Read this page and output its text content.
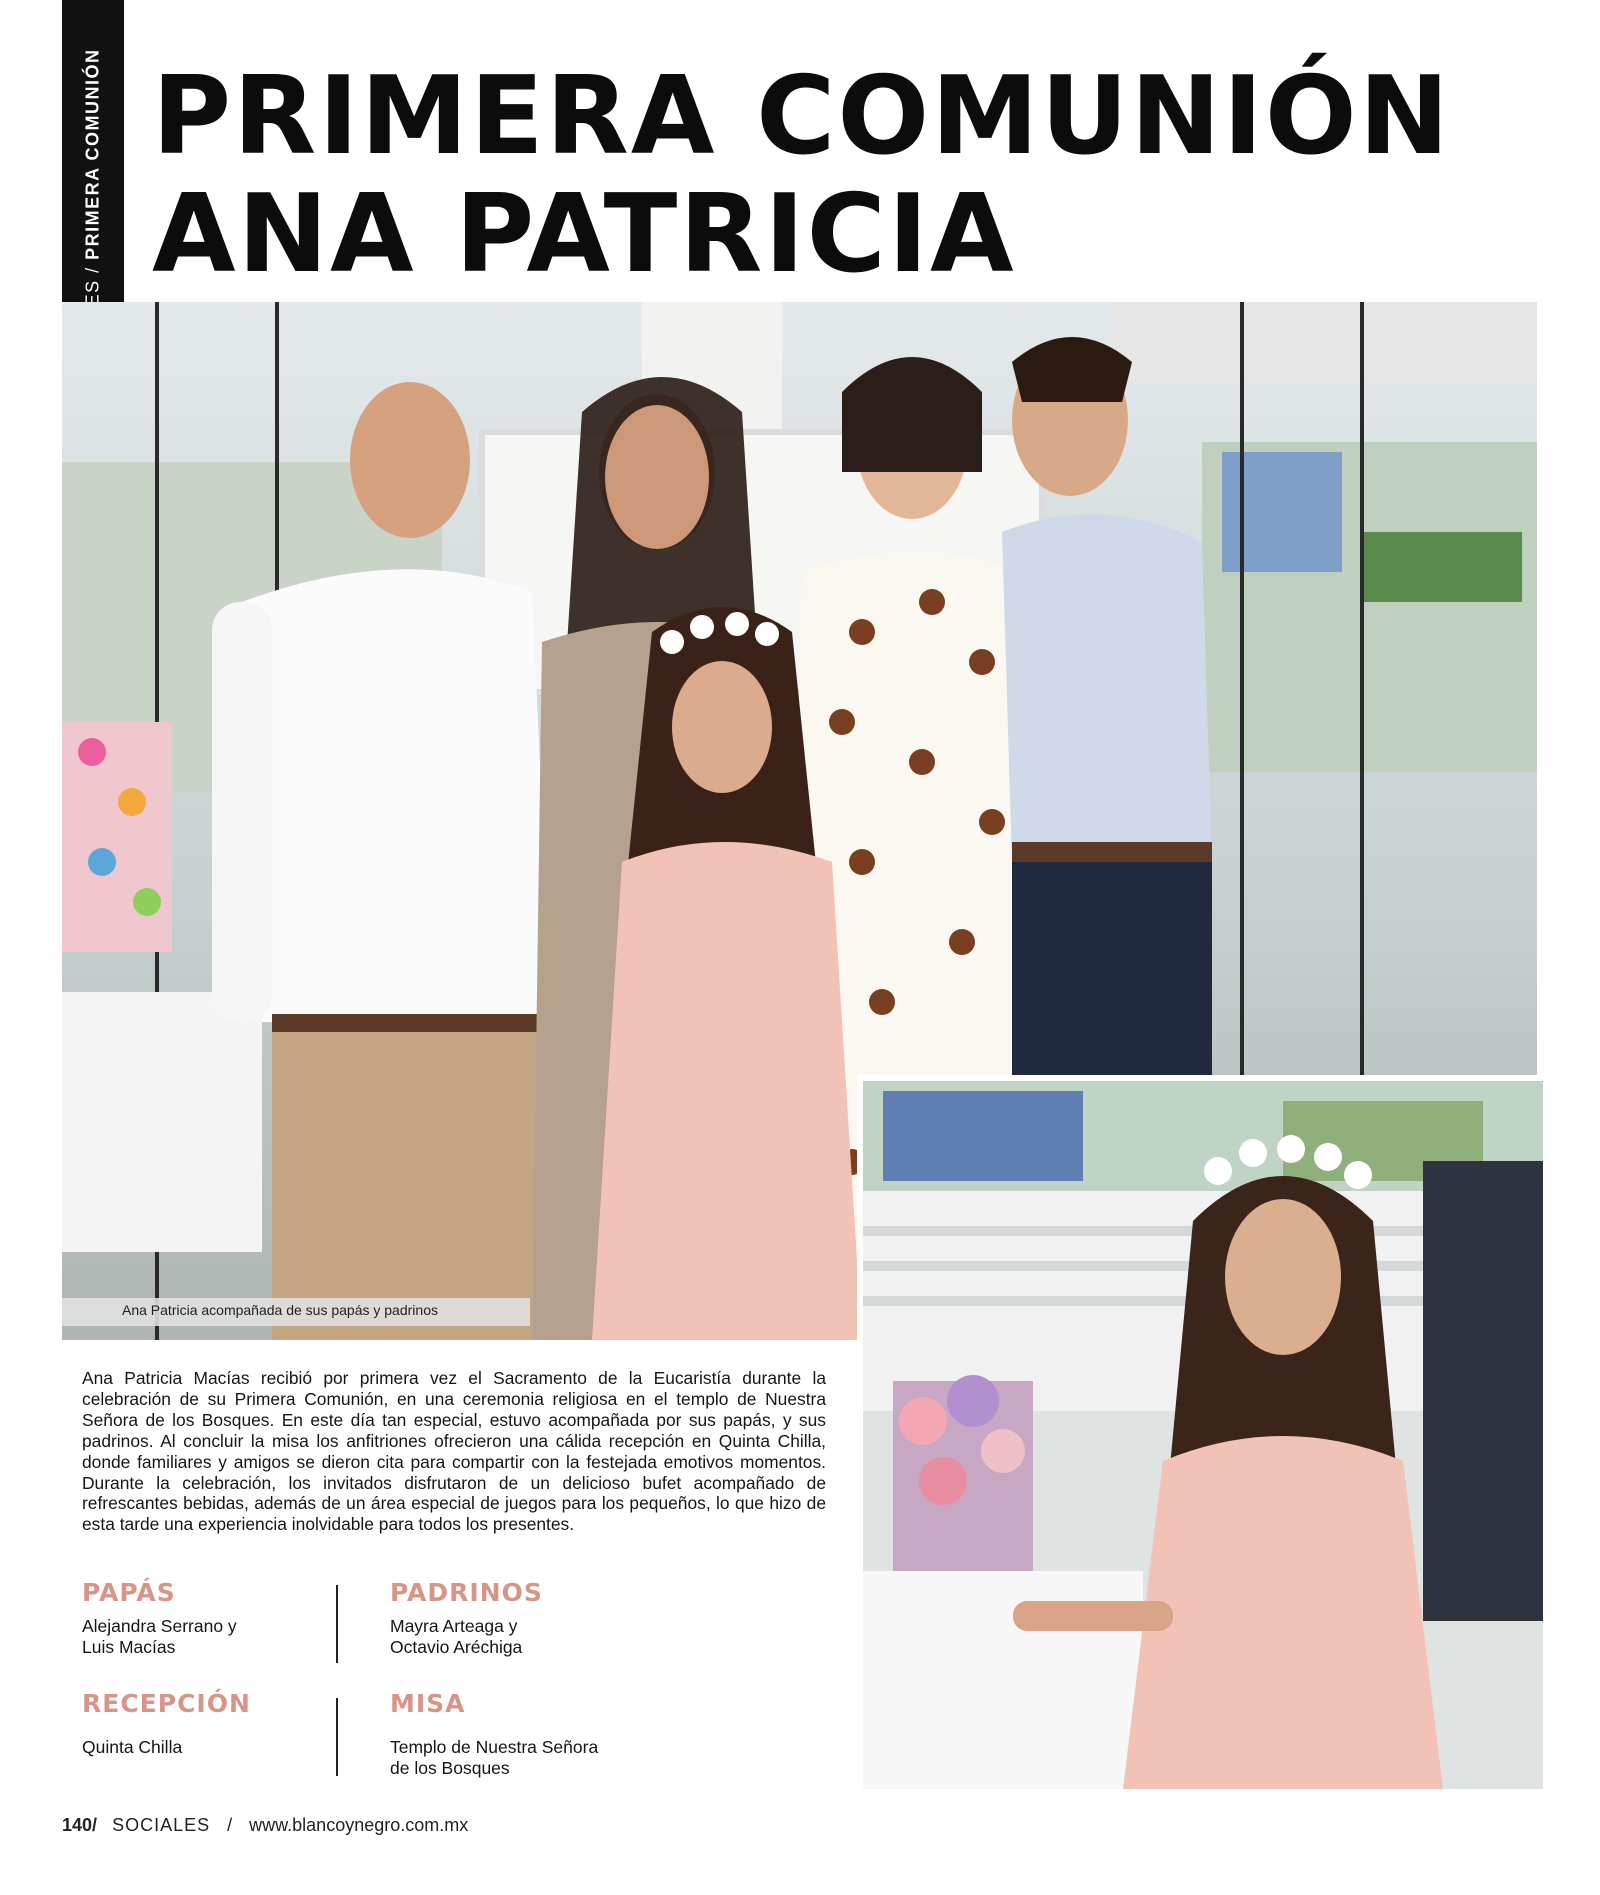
/ PRIMERA COMUNIÓN PRIMERA COMUNIÓN
ANA PATRICIA
Ana Patricia acompañada de sus papás y padrinos

Ana Patricia Macías recibió por primera vez el Sacramento de la Eucaristía durante la celebración de su Primera Comunión, en una ceremonia religiosa en el templo de Nuestra Señora de los Bosques. En este día tan especial, estuvo acompañada por sus papás, y sus padrinos. Al concluir la misa los anfitriones ofrecieron una cálida recepción en Quinta Chilla, donde familiares y amigos se dieron cita para compartir con la festejada emotivos momentos. Durante la celebración, los invitados disfrutaron de un delicioso bufet acompañado de refrescantes bebidas, además de un área especial de juegos para los pequeños, lo que hizo de esta tarde una experiencia inolvidable para todos los presentes.

PAPÁS

Alejandra Serrano y
Luis Macías

PADRINOS

Mayra Arteaga y
Octavio Aréchiga

RECEPCIÓN

Quinta Chilla

MISA

Templo de Nuestra Señora
de los Bosques

140/ SOCIALES / www.blancoynegro.com.mx
